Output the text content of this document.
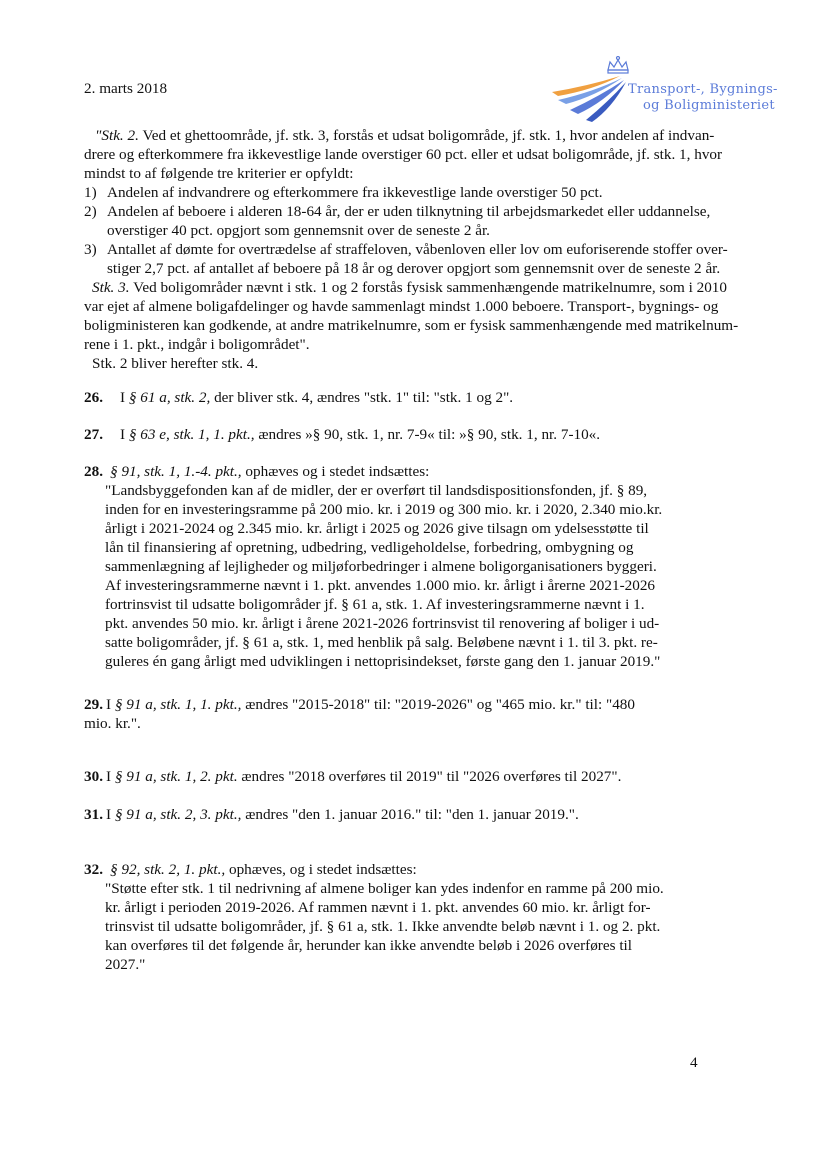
2. marts 2018	Transport-, Bygnings-
og Boligministeriet
"Stk. 2. Ved et ghettoområde, jf. stk. 3, forstås et udsat boligområde, jf. stk. 1, hvor andelen af indvan-
drere og efterkommere fra ikkevestlige lande overstiger 60 pct. eller et udsat boligområde, jf. stk. 1, hvor
mindst to af følgende tre kriterier er opfyldt:
1) Andelen af indvandrere og efterkommere fra ikkevestlige lande overstiger 50 pct.
2) Andelen af beboere i alderen 18-64 år, der er uden tilknytning til arbejdsmarkedet eller uddannelse,
overstiger 40 pct. opgjort som gennemsnit over de seneste 2 år.
3) Antallet af dømte for overtrædelse af straffeloven, våbenloven eller lov om euforiserende stoffer over-
stiger 2,7 pct. af antallet af beboere på 18 år og derover opgjort som gennemsnit over de seneste 2 år.
Stk. 3. Ved boligområder nævnt i stk. 1 og 2 forstås fysisk sammenhængende matrikelnumre, som i 2010
var ejet af almene boligafdelinger og havde sammenlagt mindst 1.000 beboere. Transport-, bygnings- og
boligministeren kan godkende, at andre matrikelnumre, som er fysisk sammenhængende med matrikelnum-
rene i 1. pkt., indgår i boligområdet".
Stk. 2 bliver herefter stk. 4.
26. I § 61 a, stk. 2, der bliver stk. 4, ændres "stk. 1" til: "stk. 1 og 2".
27. I § 63 e, stk. 1, 1. pkt., ændres »§ 90, stk. 1, nr. 7-9« til: »§ 90, stk. 1, nr. 7-10«.
28. § 91, stk. 1, 1.-4. pkt., ophæves og i stedet indsættes:
"Landsbyggefonden kan af de midler, der er overført til landsdispositionsfonden, jf. § 89,
inden for en investeringsramme på 200 mio. kr. i 2019 og 300 mio. kr. i 2020, 2.340 mio.kr.
årligt i 2021-2024 og 2.345 mio. kr. årligt i 2025 og 2026 give tilsagn om ydelsesstøtte til
lån til finansiering af opretning, udbedring, vedligeholdelse, forbedring, ombygning og
sammenlægning af lejligheder og miljøforbedringer i almene boligorganisationers byggeri.
Af investeringsrammerne nævnt i 1. pkt. anvendes 1.000 mio. kr. årligt i årerne 2021-2026
fortrinsvist til udsatte boligområder jf. § 61 a, stk. 1. Af investeringsrammerne nævnt i 1.
pkt. anvendes 50 mio. kr. årligt i årene 2021-2026 fortrinsvist til renovering af boliger i ud-
satte boligområder, jf. § 61 a, stk. 1, med henblik på salg. Beløbene nævnt i 1. til 3. pkt. re-
guleres én gang årligt med udviklingen i nettoprisindekset, første gang den 1. januar 2019."
29. I § 91 a, stk. 1, 1. pkt., ændres "2015-2018" til: "2019-2026" og "465 mio. kr." til: "480
mio. kr.".
30. I § 91 a, stk. 1, 2. pkt. ændres "2018 overføres til 2019" til "2026 overføres til 2027".
31. I § 91 a, stk. 2, 3. pkt., ændres "den 1. januar 2016." til: "den 1. januar 2019.".
32. § 92, stk. 2, 1. pkt., ophæves, og i stedet indsættes:
"Støtte efter stk. 1 til nedrivning af almene boliger kan ydes indenfor en ramme på 200 mio.
kr. årligt i perioden 2019-2026. Af rammen nævnt i 1. pkt. anvendes 60 mio. kr. årligt for-
trinsvist til udsatte boligområder, jf. § 61 a, stk. 1. Ikke anvendte beløb nævnt i 1. og 2. pkt.
kan overføres til det følgende år, herunder kan ikke anvendte beløb i 2026 overføres til
2027."
4
